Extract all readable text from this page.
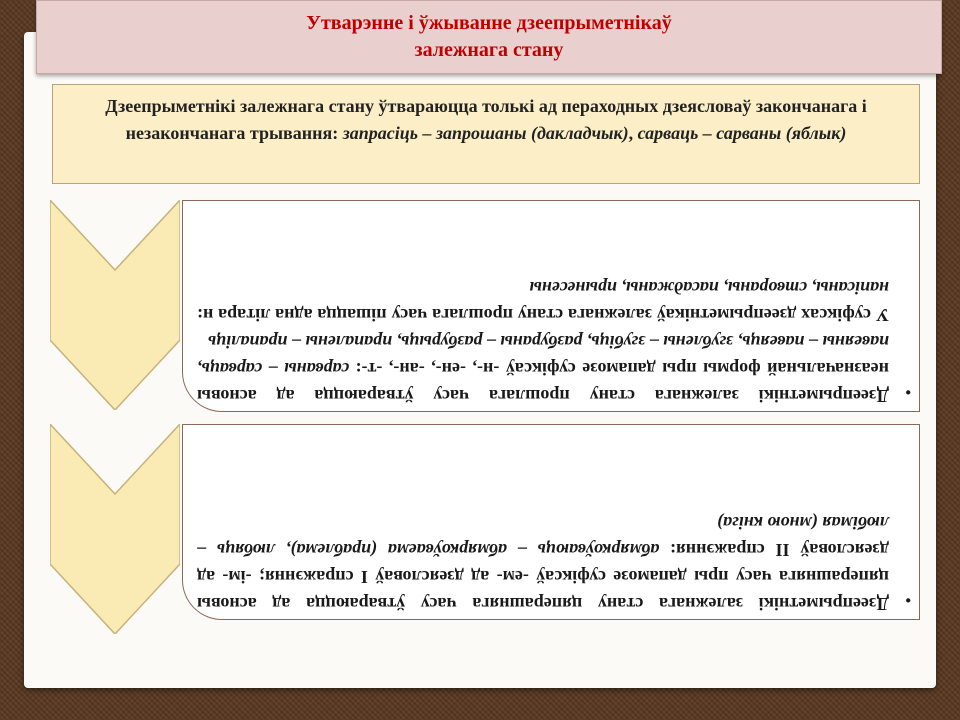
Утварэнне і ўжыванне дзеепрыметнікаў
залежнага стану
Дзеепрыметнікі залежнага стану ўтвараюцца толькі ад пераходных дзеясловаў закончанага і незакончанага трывання: запрасіць – запрошаны (дакладчык), сарваць – сарваны (яблык)
•
Дзеепрыметнікі залежнага стану прошлага часу ўтвараюцца ад асновы неазначальнай формы пры дапамозе суфіксаў -н-, -ен-, -ан-, -т-: сарваны – сарваць, павеяны – павеяць, згублены – згубіць, разбураны – разбурыць, прапалены – прапаліць
У суфіксах дзеепрыметнікаў залежнага стану прошлага часу пішацца адна літара н: напісаны, створаны, пасаджаны, прынесены
•
Дзеепрыметнікі залежнага стану цяперашняга часу ўтвараюцца ад асновы цяперашняга часу пры дапамозе суфіксаў -ем- ад дзеясловаў I спражэння; -ім- ад дзеясловаў II спражэння: абмяркоўваюць – абмяркоўваема (праблема), любяць – любімая (мною кніга)
